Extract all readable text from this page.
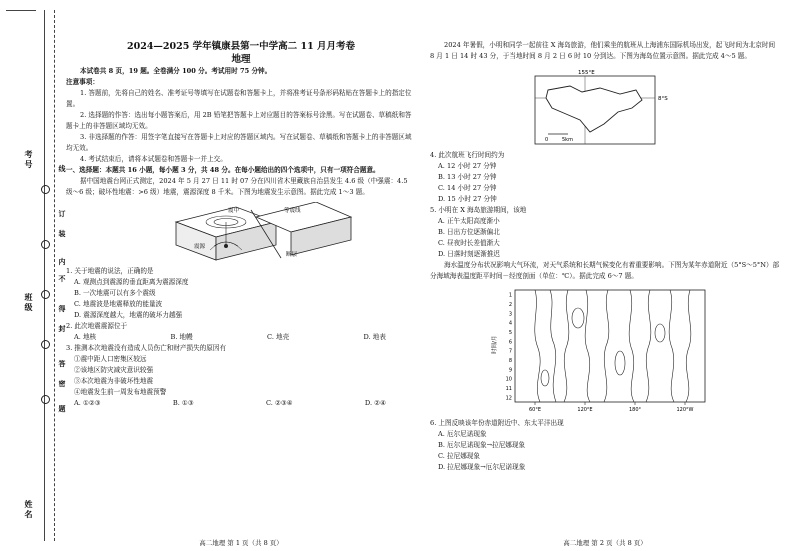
考号
班级
姓名
线
订
装
内
不
得
封
答
密
题
2024—2025 学年镇康县第一中学高二 11 月月考卷
地理

本试卷共 8 页，19 题。全卷满分 100 分。考试用时 75 分钟。

注意事项：

1. 答题前，先将自己的姓名、准考证号等填写在试题卷和答题卡上，并将准考证号条形码粘贴在答题卡上的指定位置。

2. 选择题的作答：选出每小题答案后，用 2B 铅笔把答题卡上对应题目的答案标号涂黑。写在试题卷、草稿纸和答题卡上的非答题区域均无效。

3. 非选择题的作答：用签字笔直接写在答题卡上对应的答题区域内。写在试题卷、草稿纸和答题卡上的非答题区域均无效。

4. 考试结束后，请将本试题卷和答题卡一并上交。

一、选择题：本题共 16 小题，每小题 3 分，共 48 分。在每小题给出的四个选项中，只有一项符合题意。

据中国地震台网正式测定，2024 年 5 月 27 日 11 时 07 分在四川省木里藏族自治县发生 4.6 级（中强震：4.5 级～6 级；破坏性地震：>6 级）地震，震源深度 8 千米。下图为地震发生示意图。据此完成 1～3 题。

震中	等震线
震源
断层

1. 关于地震的说法，正确的是

A. 观测点到震源的垂直距离为震源深度

B. 一次地震可以有多个震级

C. 地震波是地震释放的能量波

D. 震源深度越大，地震的破坏力越强

2. 此次地震震源位于

A. 地核	B. 地幔	C. 地壳	D. 地表

3. 推测本次地震没有造成人员伤亡和财产损失的原因有

①震中距人口密集区较远

②该地区防灾减灾意识较强

③本次地震为非破坏性地震

④地震发生前一周发布地震预警

A. ①②③	B. ①③	C. ②③④	D. ②④
高二地理 第 1 页（共 8 页）

2024 年暑假，小明和同学一起前往 X 海岛旅游，他们乘坐的航班从上海浦东国际机场出发，起飞时间为北京时间 8 月 1 日 14 时 43 分，于当地时间 8 月 2 日 6 时 10 分到达。下图为海岛位置示意图。据此完成 4～5 题。

155°E
8°S
0	5km

4. 此次航班飞行时间约为

A. 12 小时 27 分钟

B. 13 小时 27 分钟

C. 14 小时 27 分钟

D. 15 小时 27 分钟

5. 小明在 X 海岛旅游期间，该地

A. 正午太阳高度渐小

B. 日出方位逐渐偏北

C. 昼夜时长差值渐大

D. 日落时刻逐渐推迟

海水温度分布状况影响大气环流，对天气系统和长期气候变化有着重要影响。下图为某年赤道附近（5°S～5°N）部分海域海表温度距平时间－经度剖面（单位：℃）。据此完成 6～7 题。

时间/月
1
2
3
4
5
6
7
8
9
10
11
12
60°E	120°E	180°	120°W

6. 上图反映该年份赤道附近中、东太平洋出现

A. 厄尔尼诺现象

B. 厄尔尼诺现象→拉尼娜现象

C. 拉尼娜现象

D. 拉尼娜现象→厄尔尼诺现象

高二地理 第 2 页（共 8 页）
